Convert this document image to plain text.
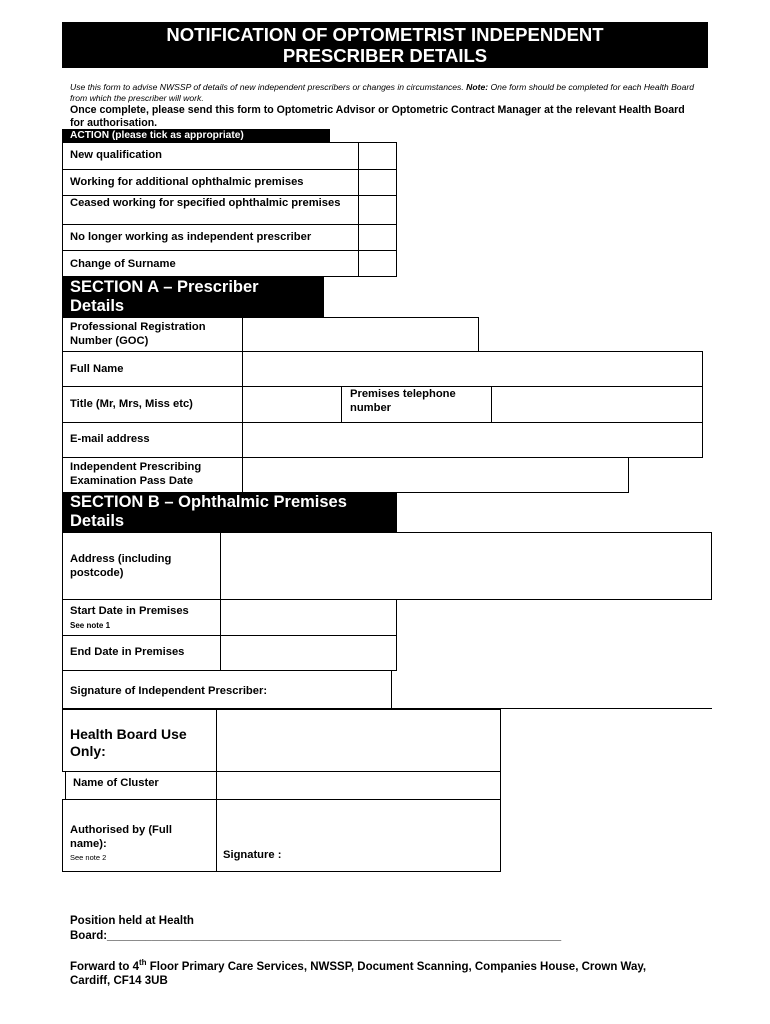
NOTIFICATION OF OPTOMETRIST INDEPENDENT
PRESCRIBER DETAILS
Use this form to advise NWSSP of details of new independent prescribers or changes in circumstances. Note: One form should be completed for each Health Board from which the prescriber will work.
Once complete, please send this form to Optometric Advisor or Optometric Contract Manager at the relevant Health Board for authorisation.
ACTION (please tick as appropriate)
New qualification
Working for additional ophthalmic premises
Ceased working for specified ophthalmic premises
No longer working as independent prescriber
Change of Surname
SECTION A – Prescriber
Details
Professional Registration Number (GOC)
Full Name
Title (Mr, Mrs, Miss etc)
Premises telephone number
E-mail address
Independent Prescribing Examination Pass Date
SECTION B – Ophthalmic Premises
Details
Address (including postcode)
Start Date in Premises
See note 1
End Date in Premises
Signature of Independent Prescriber:
Health Board Use Only:
Name of Cluster
Authorised by (Full name):
See note 2	Signature :
Position held at Health
Board:_______________________________________________________________________
Forward to 4th Floor Primary Care Services, NWSSP, Document Scanning, Companies House, Crown Way, Cardiff, CF14 3UB
